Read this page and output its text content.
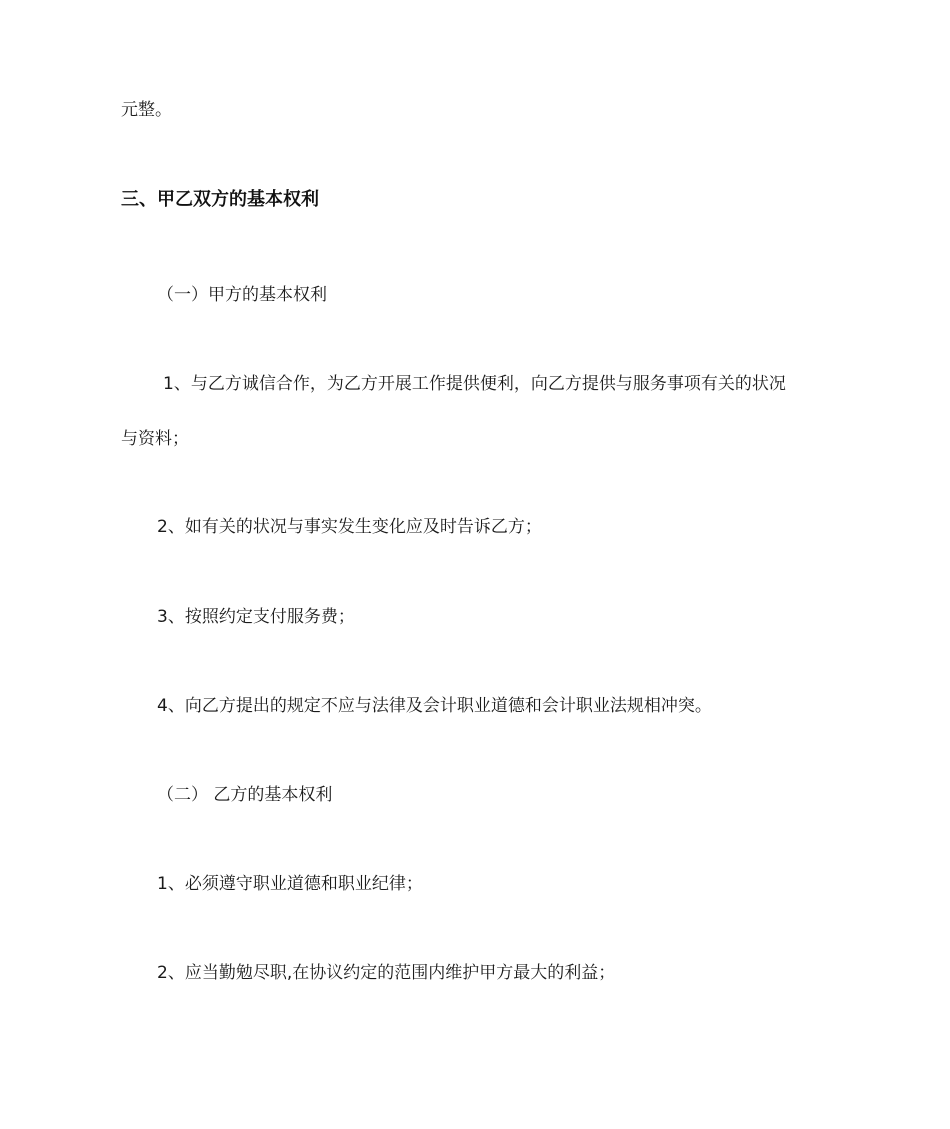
元整。

三、甲乙双方的基本权利

（一）甲方的基本权利

1、与乙方诚信合作，为乙方开展工作提供便利，向乙方提供与服务事项有关的状况

与资料；

2、如有关的状况与事实发生变化应及时告诉乙方；

3、按照约定支付服务费；

4、向乙方提出的规定不应与法律及会计职业道德和会计职业法规相冲突。

（二） 乙方的基本权利

1、必须遵守职业道德和职业纪律；

2、应当勤勉尽职,在协议约定的范围内维护甲方最大的利益；
